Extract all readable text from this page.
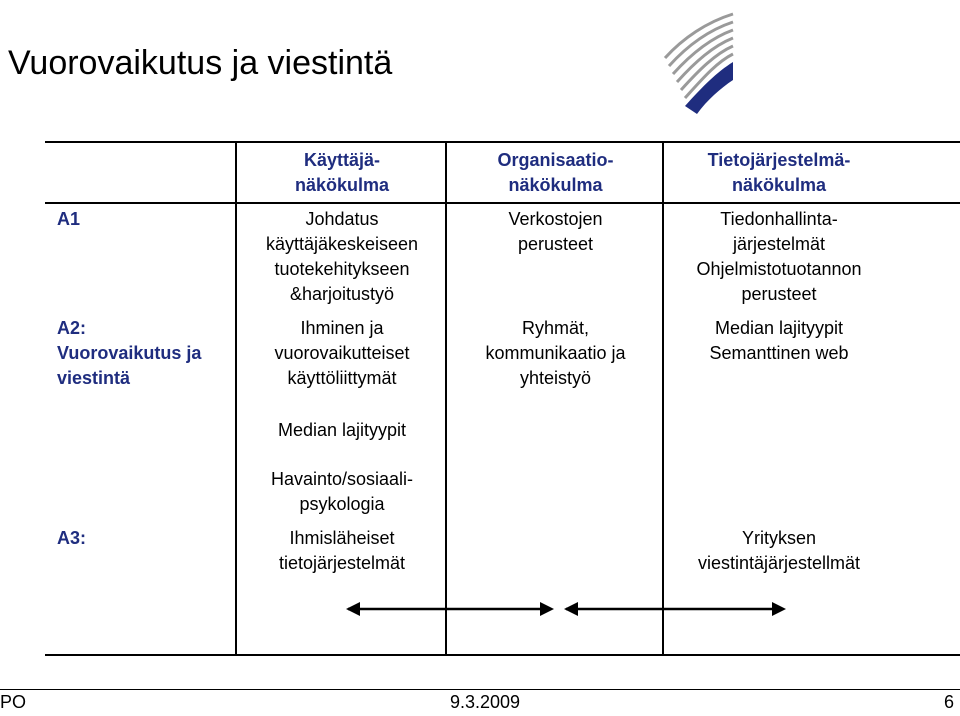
Vuorovaikutus ja viestintä
Käyttäjä-
näkökulma
Organisaatio-
näkökulma
Tietojärjestelmä-
näkökulma
A1
A2:
Vuorovaikutus ja
viestintä
A3:
Johdatus
käyttäjäkeskeiseen
tuotekehitykseen
&harjoitustyö
Verkostojen
perusteet
Tiedonhallinta-
järjestelmät
Ohjelmistotuotannon
perusteet
Ihminen ja
vuorovaikutteiset
käyttöliittymät
Median lajityypit
Havainto/sosiaali-
psykologia
Ryhmät,
kommunikaatio ja
yhteistyö
Median lajityypit
Semanttinen web
Ihmisläheiset
tietojärjestelmät
Yrityksen
viestintäjärjestellmät
PO	9.3.2009	6
